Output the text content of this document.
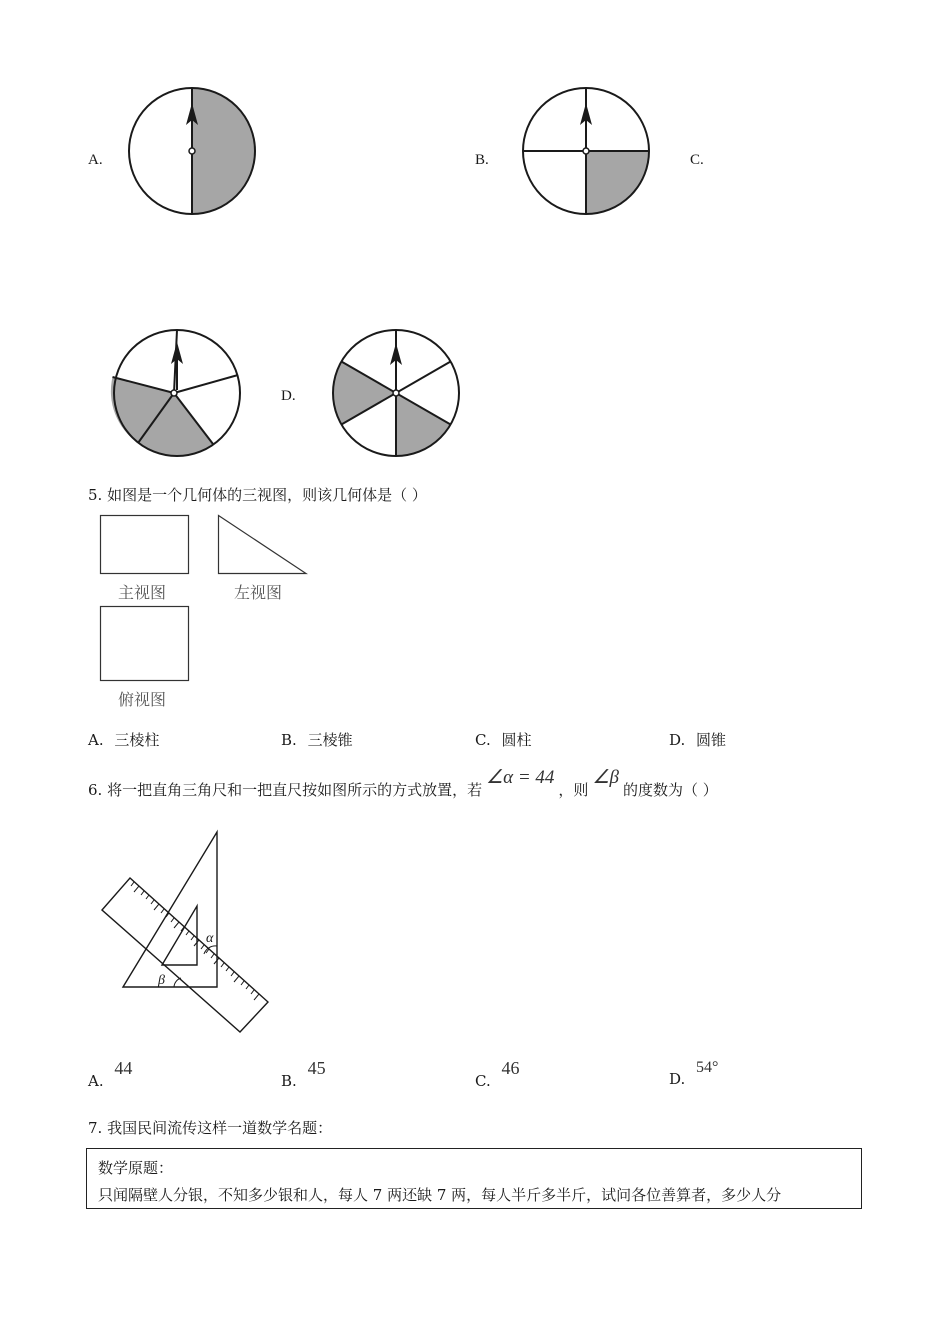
A.	B.	C.
D.
5. 如图是一个几何体的三视图，则该几何体是（ ）
主视图	左视图
俯视图
A. 三棱柱	B. 三棱锥	C. 圆柱	D. 圆锥
6. 将一把直角三角尺和一把直尺按如图所示的方式放置，若∠α = 44，则∠β的度数为（ ）
α
β
A. 44
B. 45
C. 46
D. 54°
7. 我国民间流传这样一道数学名题：
数学原题：
只闻隔壁人分银，不知多少银和人，每人 7 两还缺 7 两，每人半斤多半斤，试问各位善算者，多少人分
